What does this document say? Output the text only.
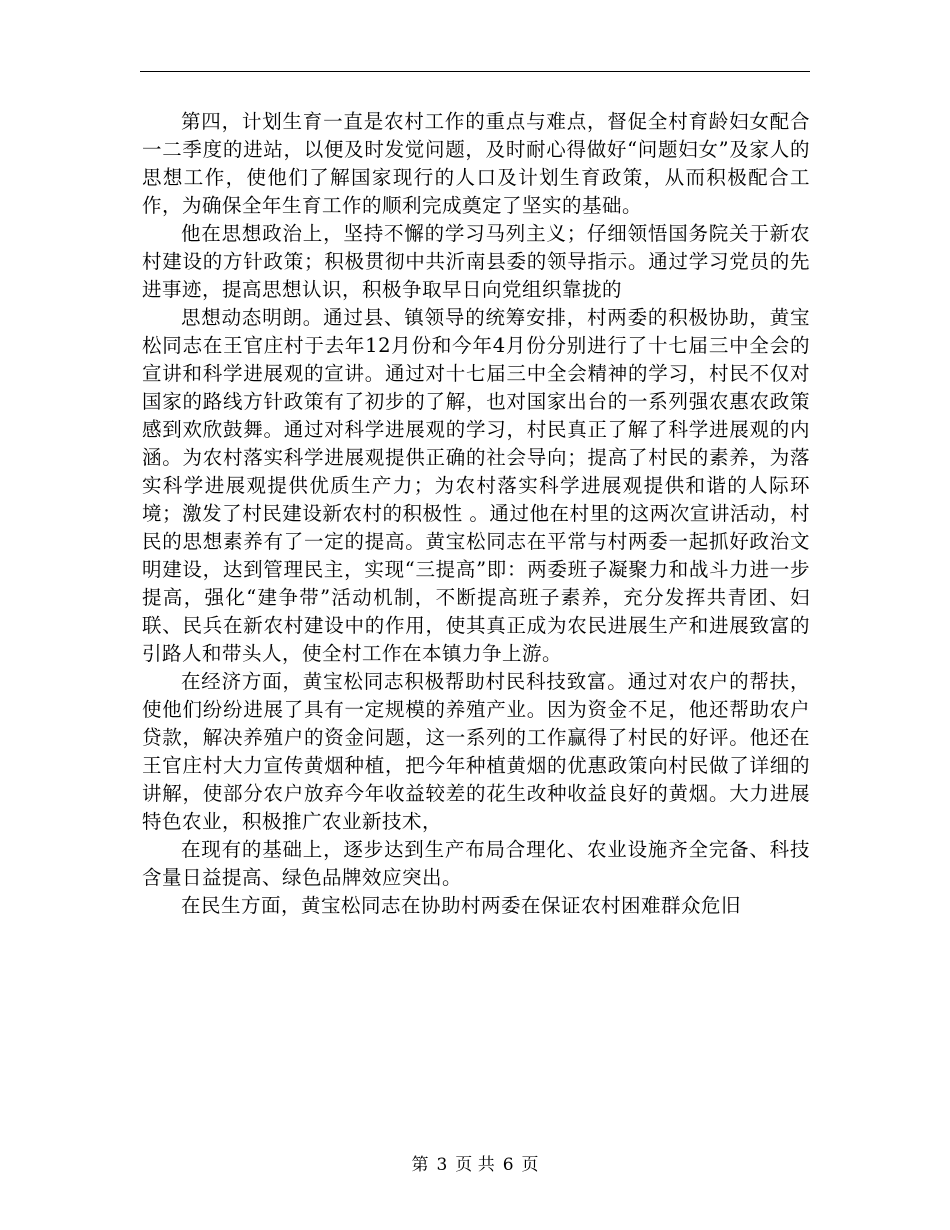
第四，计划生育一直是农村工作的重点与难点，督促全村育龄妇女配合一二季度的进站，以便及时发觉问题，及时耐心得做好“问题妇女”及家人的思想工作，使他们了解国家现行的人口及计划生育政策，从而积极配合工作，为确保全年生育工作的顺利完成奠定了坚实的基础。

他在思想政治上，坚持不懈的学习马列主义；仔细领悟国务院关于新农村建设的方针政策；积极贯彻中共沂南县委的领导指示。通过学习党员的先进事迹，提高思想认识，积极争取早日向党组织靠拢的

思想动态明朗。通过县、镇领导的统筹安排，村两委的积极协助，黄宝松同志在王官庄村于去年12月份和今年4月份分别进行了十七届三中全会的宣讲和科学进展观的宣讲。通过对十七届三中全会精神的学习，村民不仅对国家的路线方针政策有了初步的了解，也对国家出台的一系列强农惠农政策感到欢欣鼓舞。通过对科学进展观的学习，村民真正了解了科学进展观的内涵。为农村落实科学进展观提供正确的社会导向；提高了村民的素养，为落实科学进展观提供优质生产力；为农村落实科学进展观提供和谐的人际环境；激发了村民建设新农村的积极性 。通过他在村里的这两次宣讲活动，村民的思想素养有了一定的提高。黄宝松同志在平常与村两委一起抓好政治文明建设，达到管理民主，实现“三提高”即：两委班子凝聚力和战斗力进一步提高，强化“建争带”活动机制，不断提高班子素养，充分发挥共青团、妇联、民兵在新农村建设中的作用，使其真正成为农民进展生产和进展致富的引路人和带头人，使全村工作在本镇力争上游。

在经济方面，黄宝松同志积极帮助村民科技致富。通过对农户的帮扶，使他们纷纷进展了具有一定规模的养殖产业。因为资金不足，他还帮助农户贷款，解决养殖户的资金问题，这一系列的工作赢得了村民的好评。他还在王官庄村大力宣传黄烟种植，把今年种植黄烟的优惠政策向村民做了详细的讲解，使部分农户放弃今年收益较差的花生改种收益良好的黄烟。大力进展特色农业，积极推广农业新技术，

在现有的基础上，逐步达到生产布局合理化、农业设施齐全完备、科技含量日益提高、绿色品牌效应突出。

在民生方面，黄宝松同志在协助村两委在保证农村困难群众危旧

第 3 页 共 6 页
